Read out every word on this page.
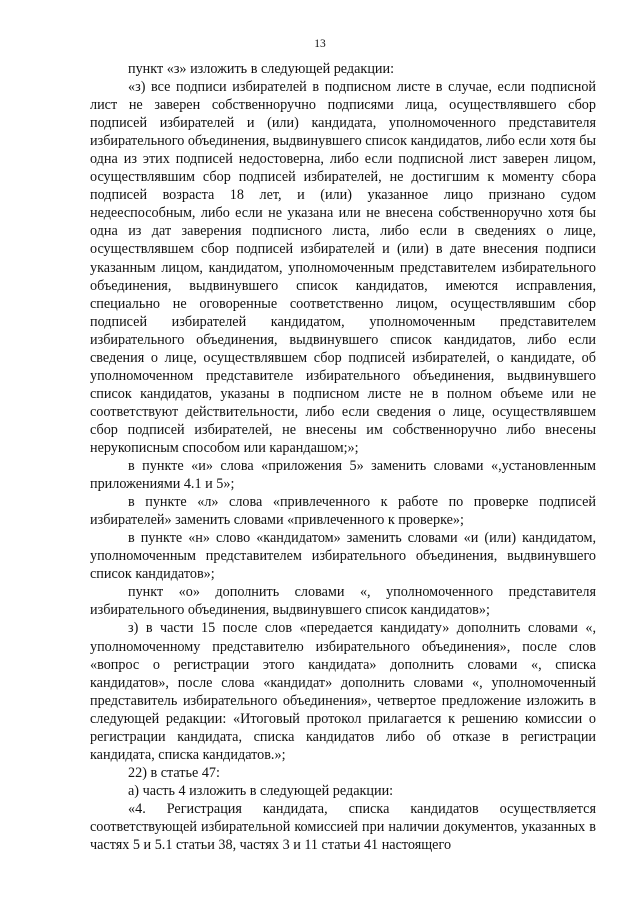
13

пункт «з» изложить в следующей редакции:

«з) все подписи избирателей в подписном листе в случае, если подписной лист не заверен собственноручно подписями лица, осуществлявшего сбор подписей избирателей и (или) кандидата, уполномоченного представителя избирательного объединения, выдвинувшего список кандидатов, либо если хотя бы одна из этих подписей недостоверна, либо если подписной лист заверен лицом, осуществлявшим сбор подписей избирателей, не достигшим к моменту сбора подписей возраста 18 лет, и (или) указанное лицо признано судом недееспособным, либо если не указана или не внесена собственноручно хотя бы одна из дат заверения подписного листа, либо если в сведениях о лице, осуществлявшем сбор подписей избирателей и (или) в дате внесения подписи указанным лицом, кандидатом, уполномоченным представителем избирательного объединения, выдвинувшего список кандидатов, имеются исправления, специально не оговоренные соответственно лицом, осуществлявшим сбор подписей избирателей кандидатом, уполномоченным представителем избирательного объединения, выдвинувшего список кандидатов, либо если сведения о лице, осуществлявшем сбор подписей избирателей, о кандидате, об уполномоченном представителе избирательного объединения, выдвинувшего список кандидатов, указаны в подписном листе не в полном объеме или не соответствуют действительности, либо если сведения о лице, осуществлявшем сбор подписей избирателей, не внесены им собственноручно либо внесены нерукописным способом или карандашом;»;

в пункте «и» слова «приложения 5» заменить словами «,установленным приложениями 4.1 и 5»;

в пункте «л» слова «привлеченного к работе по проверке подписей избирателей» заменить словами «привлеченного к проверке»;

в пункте «н» слово «кандидатом» заменить словами «и (или) кандидатом, уполномоченным представителем избирательного объединения, выдвинувшего список кандидатов»;

пункт «о» дополнить словами «, уполномоченного представителя избирательного объединения, выдвинувшего список кандидатов»;

з) в части 15 после слов «передается кандидату» дополнить словами «, уполномоченному представителю избирательного объединения», после слов «вопрос о регистрации этого кандидата» дополнить словами «, списка кандидатов», после слова «кандидат» дополнить словами «, уполномоченный представитель избирательного объединения», четвертое предложение изложить в следующей редакции: «Итоговый протокол прилагается к решению комиссии о регистрации кандидата, списка кандидатов либо об отказе в регистрации кандидата, списка кандидатов.»;

22) в статье 47:

а) часть 4 изложить в следующей редакции:

«4. Регистрация кандидата, списка кандидатов осуществляется соответствующей избирательной комиссией при наличии документов, указанных в частях 5 и 5.1 статьи 38, частях 3 и 11 статьи 41 настоящего
